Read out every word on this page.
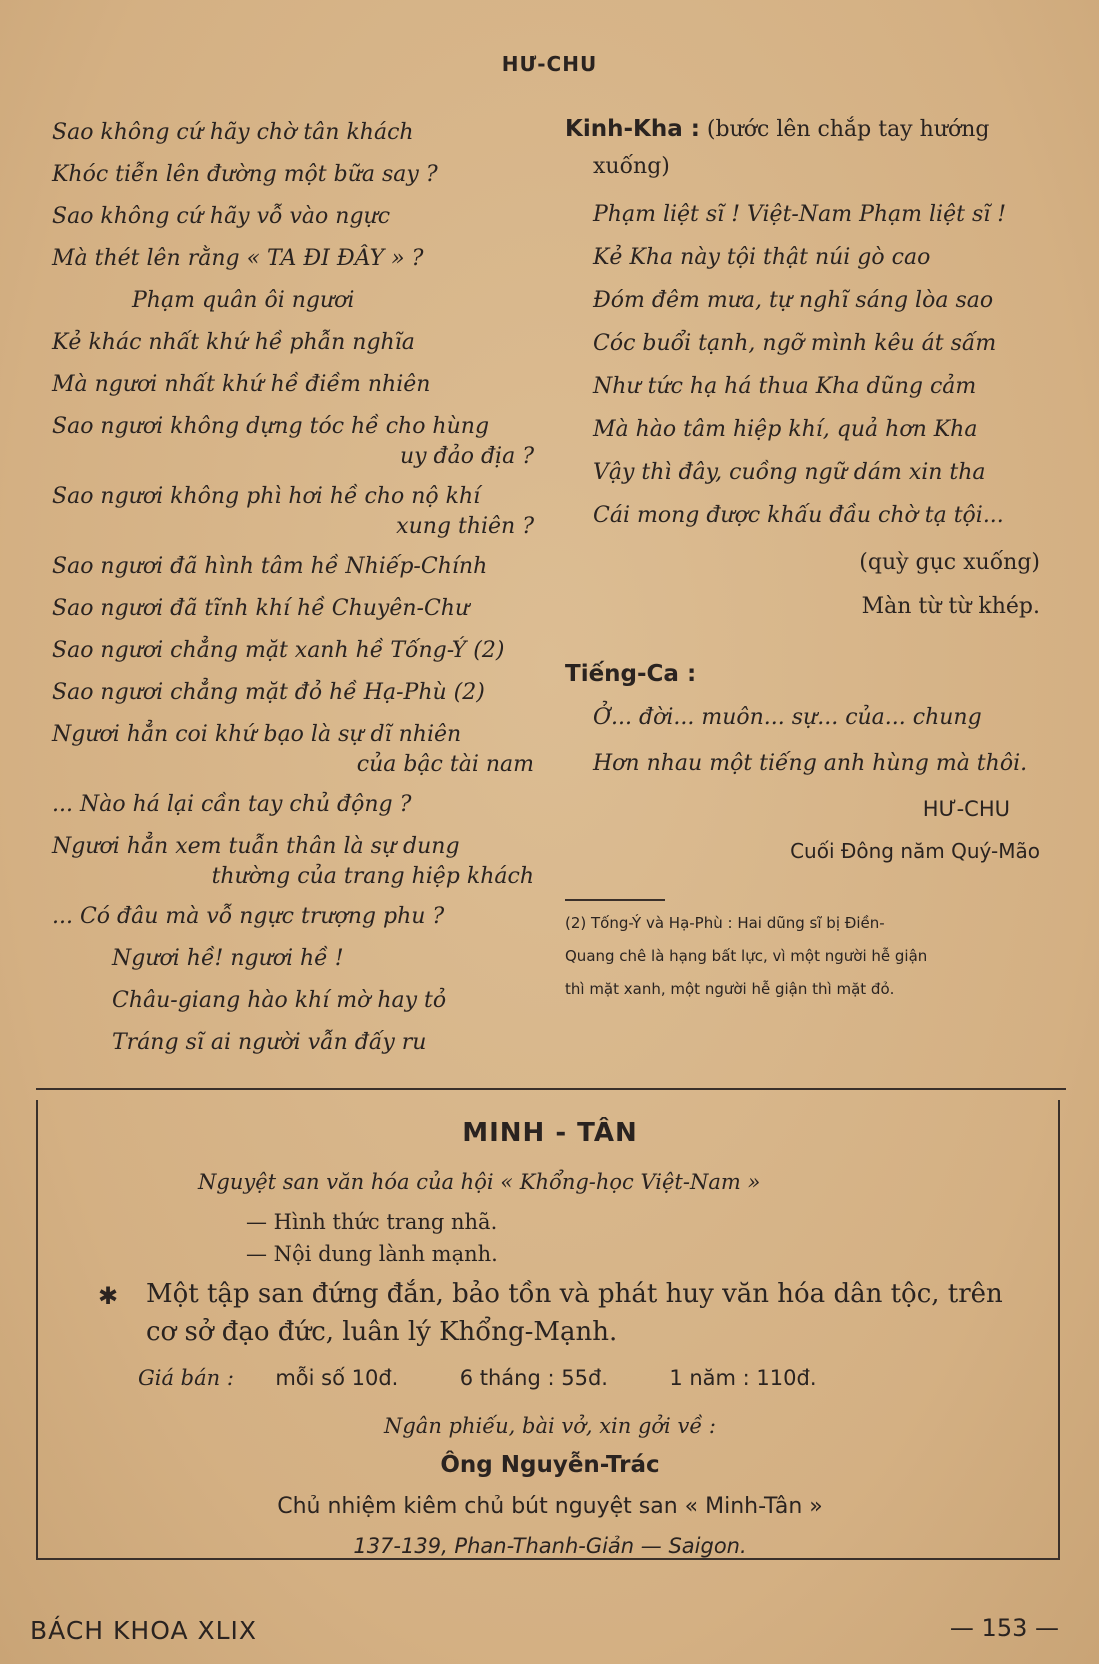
HƯ-CHU
Sao không cứ hãy chờ tân khách
Khóc tiễn lên đường một bữa say ?
Sao không cứ hãy vỗ vào ngực
Mà thét lên rằng « TA ĐI ĐÂY » ?
Phạm quân ôi ngươi
Kẻ khác nhất khứ hề phẫn nghĩa
Mà ngươi nhất khứ hề điềm nhiên
Sao ngươi không dựng tóc hề cho hùng
uy đảo địa ?
Sao ngươi không phì hơi hề cho nộ khí
xung thiên ?
Sao ngươi đã hình tâm hề Nhiếp-Chính
Sao ngươi đã tĩnh khí hề Chuyên-Chư
Sao ngươi chẳng mặt xanh hề Tống-Ý (2)
Sao ngươi chẳng mặt đỏ hề Hạ-Phù (2)
Ngươi hẳn coi khứ bạo là sự dĩ nhiên
của bậc tài nam
... Nào há lại cần tay chủ động ?
Ngươi hẳn xem tuẫn thân là sự dung
thường của trang hiệp khách
... Có đâu mà vỗ ngực trượng phu ?
Ngươi hề! ngươi hề !
Châu-giang hào khí mờ hay tỏ
Tráng sĩ ai người vẫn đấy ru
Kinh-Kha : (bước lên chắp tay hướng
xuống)
Phạm liệt sĩ ! Việt-Nam Phạm liệt sĩ !
Kẻ Kha này tội thật núi gò cao
Đóm đêm mưa, tự nghĩ sáng lòa sao
Cóc buổi tạnh, ngỡ mình kêu át sấm
Như tức hạ há thua Kha dũng cảm
Mà hào tâm hiệp khí, quả hơn Kha
Vậy thì đây, cuồng ngữ dám xin tha
Cái mong được khấu đầu chờ tạ tội...
(quỳ gục xuống)
Màn từ từ khép.
Tiếng-Ca :
Ở... đời... muôn... sự... của... chung
Hơn nhau một tiếng anh hùng mà thôi.
HƯ-CHU
Cuối Đông năm Quý-Mão
(2) Tống-Ý và Hạ-Phù : Hai dũng sĩ bị Điền-
Quang chê là hạng bất lực, vì một người hễ giận
thì mặt xanh, một người hễ giận thì mặt đỏ.
MINH - TÂN
Nguyệt san văn hóa của hội « Khổng-học Việt-Nam »
— Hình thức trang nhã.
— Nội dung lành mạnh.
✱ Một tập san đứng đắn, bảo tồn và phát huy văn hóa dân tộc, trên cơ sở đạo đức, luân lý Khổng-Mạnh.
Giá bán : mỗi số 10đ.	6 tháng : 55đ.	1 năm : 110đ.
Ngân phiếu, bài vở, xin gởi về :
Ông Nguyễn-Trác
Chủ nhiệm kiêm chủ bút nguyệt san « Minh-Tân »
137-139, Phan-Thanh-Giản — Saigon.
BÁCH KHOA XLIX	— 153 —
